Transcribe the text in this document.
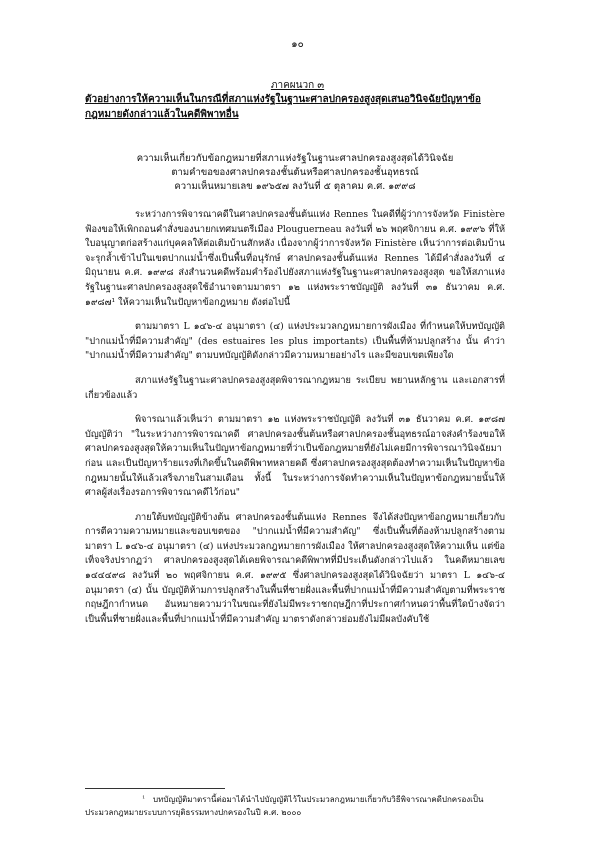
๑๐
ภาคผนวก ๓
ตัวอย่างการให้ความเห็นในกรณีที่สภาแห่งรัฐในฐานะศาลปกครองสูงสุดเสนอวินิจฉัยปัญหาข้อกฎหมายดังกล่าวแล้วในคดีพิพาทอื่น
ความเห็นเกี่ยวกับข้อกฎหมายที่สภาแห่งรัฐในฐานะศาลปกครองสูงสุดได้วินิจฉัย
ตามคำขอของศาลปกครองชั้นต้นหรือศาลปกครองชั้นอุทธรณ์
ความเห็นหมายเลข ๑๙๖๕๗ ลงวันที่ ๕ ตุลาคม ค.ศ. ๑๙๙๘

ระหว่างการพิจารณาคดีในศาลปกครองชั้นต้นแห่ง Rennes ในคดีที่ผู้ว่าการจังหวัด Finistère ฟ้องขอให้เพิกถอนคำสั่งของนายกเทศมนตรีเมือง Plouguerneau ลงวันที่ ๒๖ พฤศจิกายน ค.ศ. ๑๙๙๖ ที่ให้ใบอนุญาตก่อสร้างแก่บุคคลให้ต่อเติมบ้านสักหลัง เนื่องจากผู้ว่าการจังหวัด Finistère เห็นว่าการต่อเติมบ้านจะรุกล้ำเข้าไปในเขตปากแม่น้ำซึ่งเป็นพื้นที่อนุรักษ์ ศาลปกครองชั้นต้นแห่ง Rennes ได้มีคำสั่งลงวันที่ ๔ มิถุนายน ค.ศ. ๑๙๙๘ ส่งสำนวนคดีพร้อมคำร้องไปยังสภาแห่งรัฐในฐานะศาลปกครองสูงสุด ขอให้สภาแห่งรัฐในฐานะศาลปกครองสูงสุดใช้อำนาจตามมาตรา ๑๒ แห่งพระราชบัญญัติ ลงวันที่ ๓๑ ธันวาคม ค.ศ. ๑๙๘๗¹ ให้ความเห็นในปัญหาข้อกฎหมาย ดังต่อไปนี้

ตามมาตรา L ๑๔๖-๔ อนุมาตรา (๔) แห่งประมวลกฎหมายการผังเมือง ที่กำหนดให้บทบัญญัติ "ปากแม่น้ำที่มีความสำคัญ" (des estuaires les plus importants) เป็นพื้นที่ห้ามปลูกสร้าง นั้น คำว่า "ปากแม่น้ำที่มีความสำคัญ" ตามบทบัญญัติดังกล่าวมีความหมายอย่างไร และมีขอบเขตเพียงใด

สภาแห่งรัฐในฐานะศาลปกครองสูงสุดพิจารณากฎหมาย ระเบียบ พยานหลักฐาน และเอกสารที่เกี่ยวข้องแล้ว

พิจารณาแล้วเห็นว่า ตามมาตรา ๑๒ แห่งพระราชบัญญัติ ลงวันที่ ๓๑ ธันวาคม ค.ศ. ๑๙๘๗ บัญญัติว่า "ในระหว่างการพิจารณาคดี ศาลปกครองชั้นต้นหรือศาลปกครองชั้นอุทธรณ์อาจส่งคำร้องขอให้ศาลปกครองสูงสุดให้ความเห็นในปัญหาข้อกฎหมายที่ว่าเป็นข้อกฎหมายที่ยังไม่เคยมีการพิจารณาวินิจฉัยมาก่อน และเป็นปัญหาร้ายแรงที่เกิดขึ้นในคดีพิพาทหลายคดี ซึ่งศาลปกครองสูงสุดต้องทำความเห็นในปัญหาข้อกฎหมายนั้นให้แล้วเสร็จภายในสามเดือน ทั้งนี้ ในระหว่างการจัดทำความเห็นในปัญหาข้อกฎหมายนั้นให้ศาลผู้ส่งเรื่องรอการพิจารณาคดีไว้ก่อน"

ภายใต้บทบัญญัติข้างต้น ศาลปกครองชั้นต้นแห่ง Rennes จึงได้ส่งปัญหาข้อกฎหมายเกี่ยวกับการตีความความหมายและขอบเขตของ "ปากแม่น้ำที่มีความสำคัญ" ซึ่งเป็นพื้นที่ต้องห้ามปลูกสร้างตามมาตรา L ๑๔๖-๔ อนุมาตรา (๔) แห่งประมวลกฎหมายการผังเมือง ให้ศาลปกครองสูงสุดให้ความเห็น แต่ข้อเท็จจริงปรากฏว่า ศาลปกครองสูงสุดได้เคยพิจารณาคดีพิพาทที่มีประเด็นดังกล่าวไปแล้ว ในคดีหมายเลข ๑๔๔๔๙๘ ลงวันที่ ๒๐ พฤศจิกายน ค.ศ. ๑๙๙๕ ซึ่งศาลปกครองสูงสุดได้วินิจฉัยว่า มาตรา L ๑๔๖-๔ อนุมาตรา (๔) นั้น บัญญัติห้ามการปลูกสร้างในพื้นที่ชายฝั่งและพื้นที่ปากแม่น้ำที่มีความสำคัญตามที่พระราชกฤษฎีกากำหนด อันหมายความว่าในขณะที่ยังไม่มีพระราชกฤษฎีกาที่ประกาศกำหนดว่าพื้นที่ใดบ้างจัดว่าเป็นพื้นที่ชายฝั่งและพื้นที่ปากแม่น้ำที่มีความสำคัญ มาตราดังกล่าวย่อมยังไม่มีผลบังคับใช้

¹ บทบัญญัติมาตรานี้ต่อมาได้นำไปบัญญัติไว้ในประมวลกฎหมายเกี่ยวกับวิธีพิจารณาคดีปกครองเป็นประมวลกฎหมายระบบการยุติธรรมทางปกครองในปี ค.ศ. ๒๐๐๐
